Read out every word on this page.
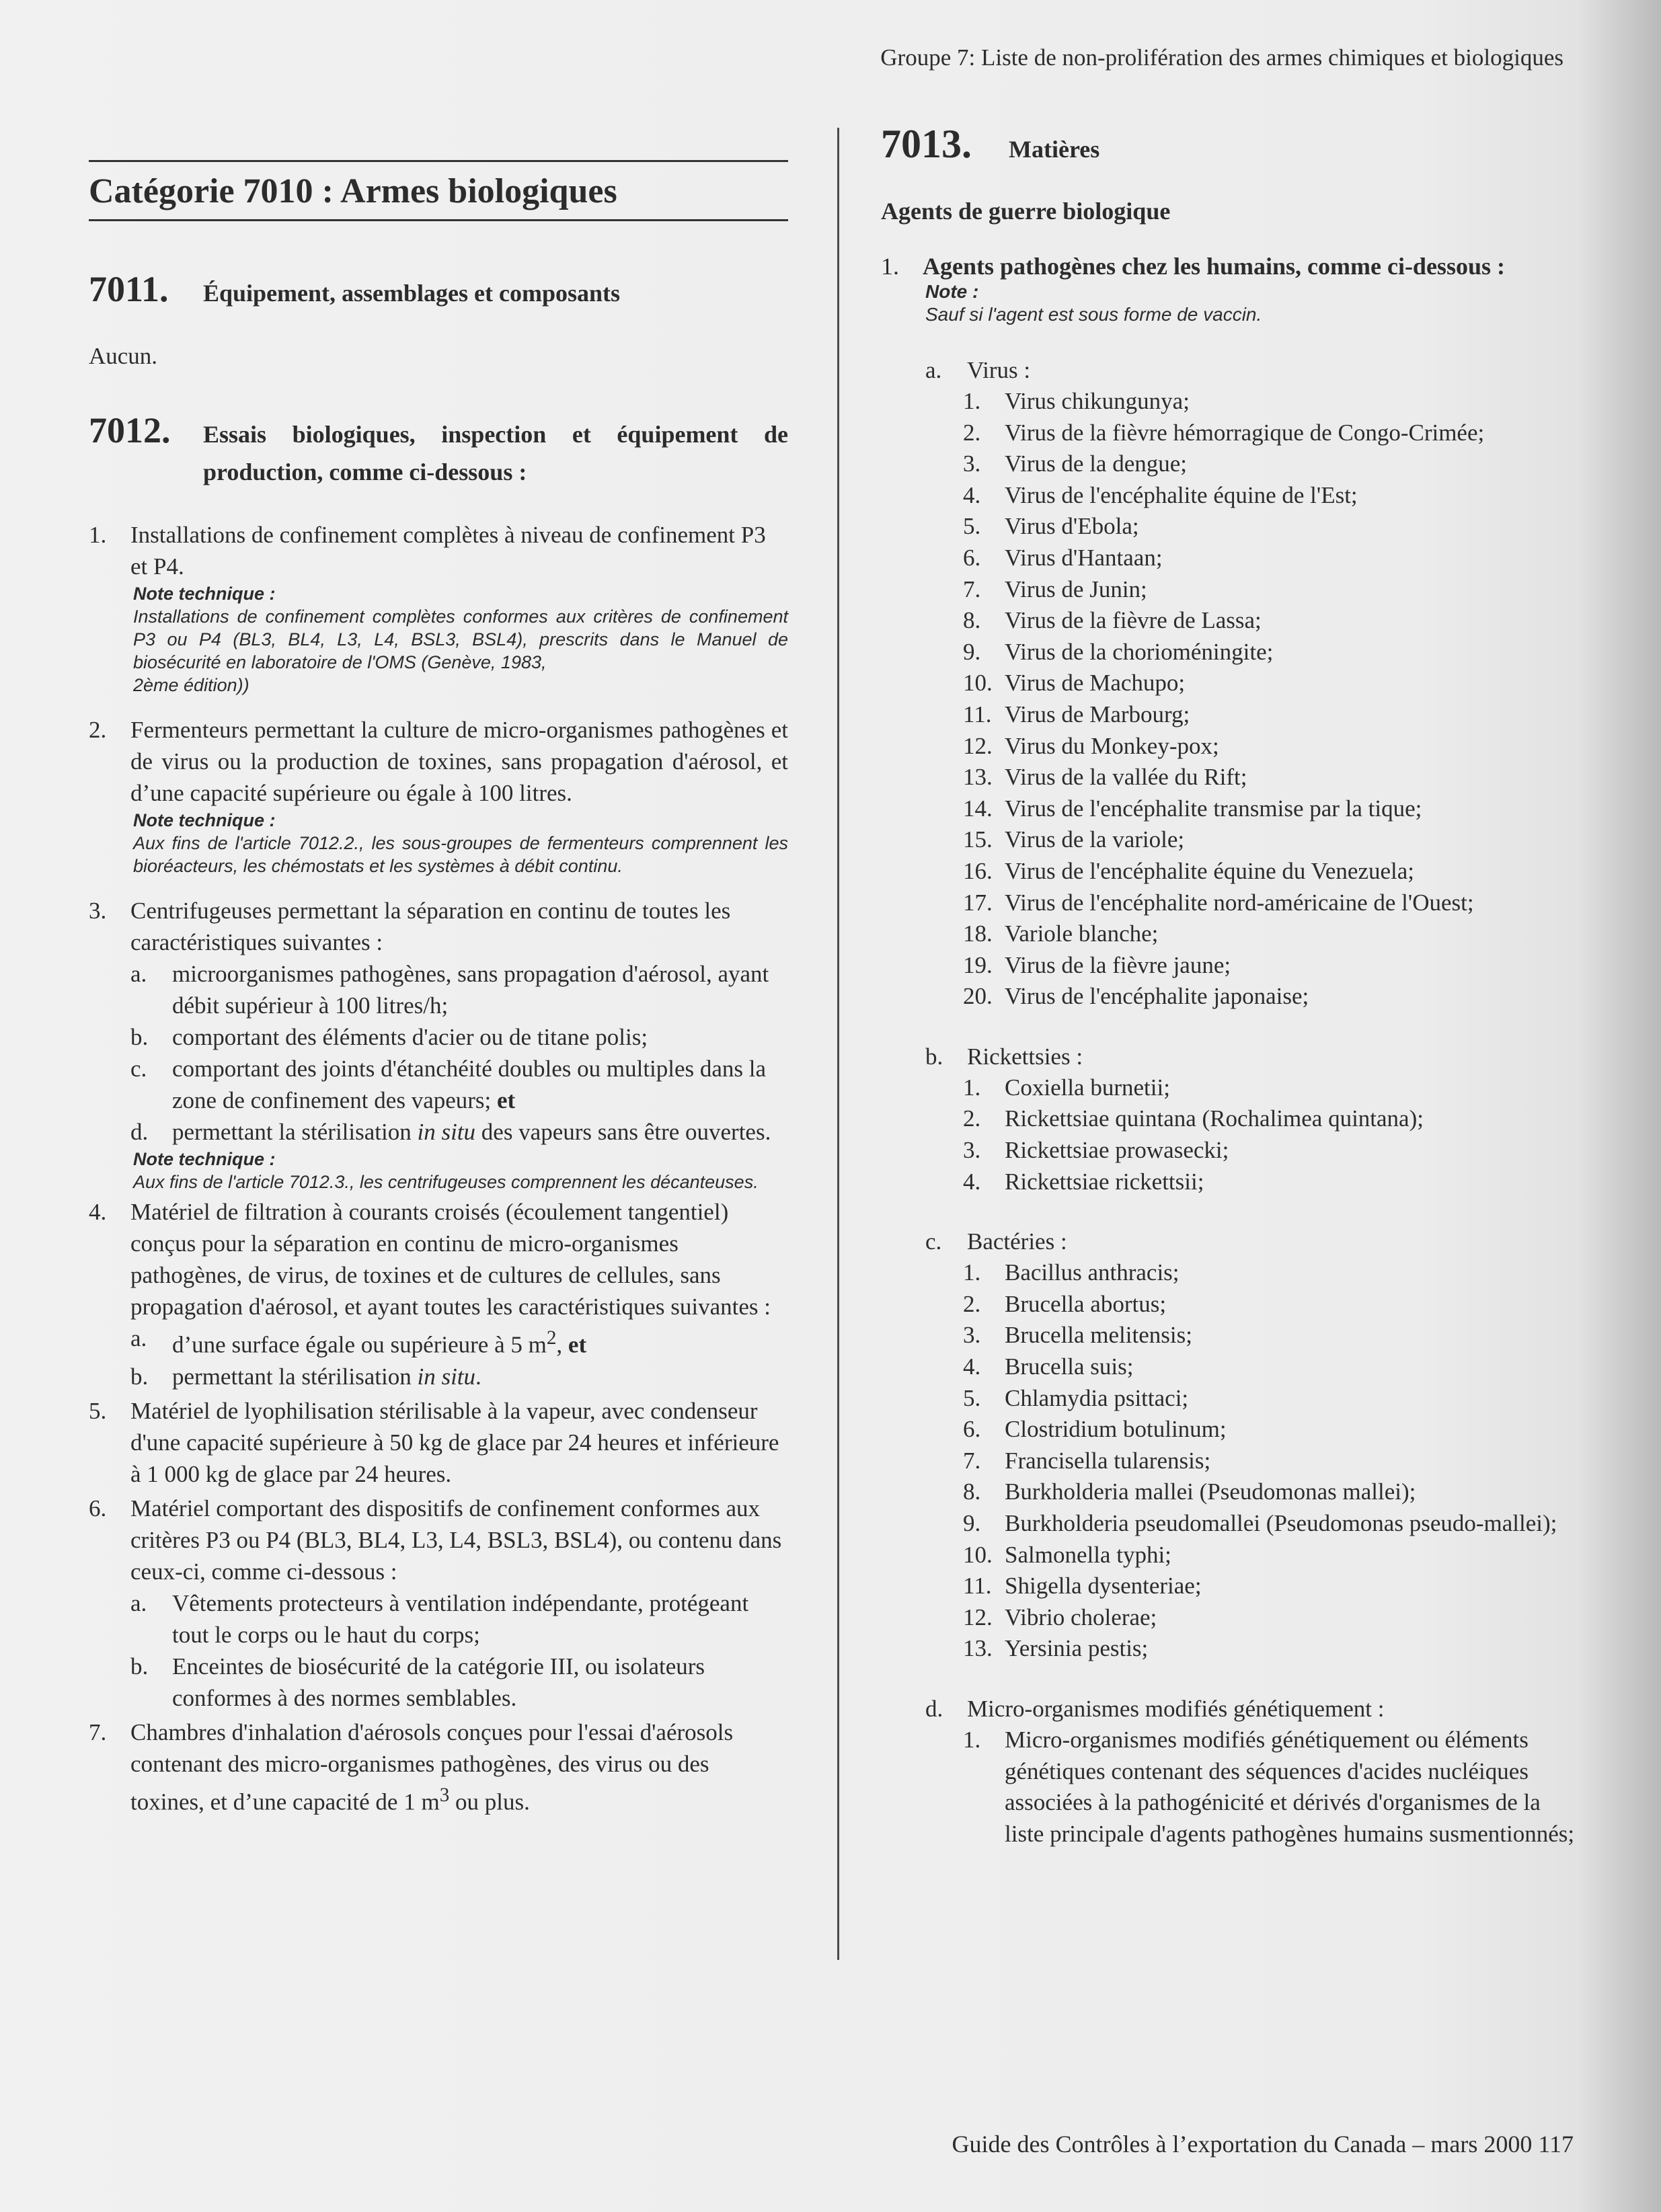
Groupe 7: Liste de non-prolifération des armes chimiques et biologiques
Catégorie 7010 : Armes biologiques
7011.	Équipement, assemblages et composants
Aucun.
7012.	Essais biologiques, inspection et équipement de production, comme ci-dessous :
1.	Installations de confinement complètes à niveau de confinement P3 et P4.
Note technique :
Installations de confinement complètes conformes aux critères de confinement P3 ou P4 (BL3, BL4, L3, L4, BSL3, BSL4), prescrits dans le Manuel de biosécurité en laboratoire de l'OMS (Genève, 1983,
2ème édition))
2.	Fermenteurs permettant la culture de micro-organismes pathogènes et de virus ou la production de toxines, sans propagation d'aérosol, et d’une capacité supérieure ou égale à 100 litres.
Note technique :
Aux fins de l'article 7012.2., les sous-groupes de fermenteurs comprennent les bioréacteurs, les chémostats et les systèmes à débit continu.
3.	Centrifugeuses permettant la séparation en continu de toutes les caractéristiques suivantes :
a.	microorganismes pathogènes, sans propagation d'aérosol, ayant débit supérieur à 100 litres/h;
b.	comportant des éléments d'acier ou de titane polis;
c.	comportant des joints d'étanchéité doubles ou multiples dans la zone de confinement des vapeurs; et
d.	permettant la stérilisation in situ des vapeurs sans être ouvertes.
Note technique :
Aux fins de l'article 7012.3., les centrifugeuses comprennent les décanteuses.
4.	Matériel de filtration à courants croisés (écoulement tangentiel) conçus pour la séparation en continu de micro-organismes pathogènes, de virus, de toxines et de cultures de cellules, sans propagation d'aérosol, et ayant toutes les caractéristiques suivantes :
a.	d’une surface égale ou supérieure à 5 $m^2$, et
b.	permettant la stérilisation in situ.
5.	Matériel de lyophilisation stérilisable à la vapeur, avec condenseur d'une capacité supérieure à 50 kg de glace par 24 heures et inférieure à 1 000 kg de glace par 24 heures.
6.	Matériel comportant des dispositifs de confinement conformes aux critères P3 ou P4 (BL3, BL4, L3, L4, BSL3, BSL4), ou contenu dans ceux-ci, comme ci-dessous :
a.	Vêtements protecteurs à ventilation indépendante, protégeant tout le corps ou le haut du corps;
b.	Enceintes de biosécurité de la catégorie III, ou isolateurs conformes à des normes semblables.
7.	Chambres d'inhalation d'aérosols conçues pour l'essai d'aérosols contenant des micro-organismes pathogènes, des virus ou des toxines, et d’une capacité de 1 $m^3$ ou plus.
7013.	Matières
Agents de guerre biologique
1. Agents pathogènes chez les humains, comme ci-dessous :
Note :
Sauf si l'agent est sous forme de vaccin.
a.	Virus :
1.	Virus chikungunya;
2.	Virus de la fièvre hémorragique de Congo-Crimée;
3.	Virus de la dengue;
4.	Virus de l'encéphalite équine de l'Est;
5.	Virus d'Ebola;
6.	Virus d'Hantaan;
7.	Virus de Junin;
8.	Virus de la fièvre de Lassa;
9.	Virus de la chorioméningite;
10. Virus de Machupo;
11. Virus de Marbourg;
12. Virus du Monkey-pox;
13. Virus de la vallée du Rift;
14. Virus de l'encéphalite transmise par la tique;
15. Virus de la variole;
16. Virus de l'encéphalite équine du Venezuela;
17. Virus de l'encéphalite nord-américaine de l'Ouest;
18. Variole blanche;
19. Virus de la fièvre jaune;
20. Virus de l'encéphalite japonaise;
b.	Rickettsies :
1.	Coxiella burnetii;
2.	Rickettsiae quintana (Rochalimea quintana);
3.	Rickettsiae prowasecki;
4.	Rickettsiae rickettsii;
c.	Bactéries :
1.	Bacillus anthracis;
2.	Brucella abortus;
3.	Brucella melitensis;
4.	Brucella suis;
5.	Chlamydia psittaci;
6.	Clostridium botulinum;
7.	Francisella tularensis;
8.	Burkholderia mallei (Pseudomonas mallei);
9.	Burkholderia pseudomallei (Pseudomonas pseudo-mallei);
10. Salmonella typhi;
11. Shigella dysenteriae;
12. Vibrio cholerae;
13. Yersinia pestis;
d.	Micro-organismes modifiés génétiquement :
1.	Micro-organismes modifiés génétiquement ou éléments génétiques contenant des séquences d'acides nucléiques associées à la pathogénicité et dérivés d'organismes de la liste principale d'agents pathogènes humains susmentionnés;
Guide des Contrôles à l’exportation du Canada – mars 2000 117
